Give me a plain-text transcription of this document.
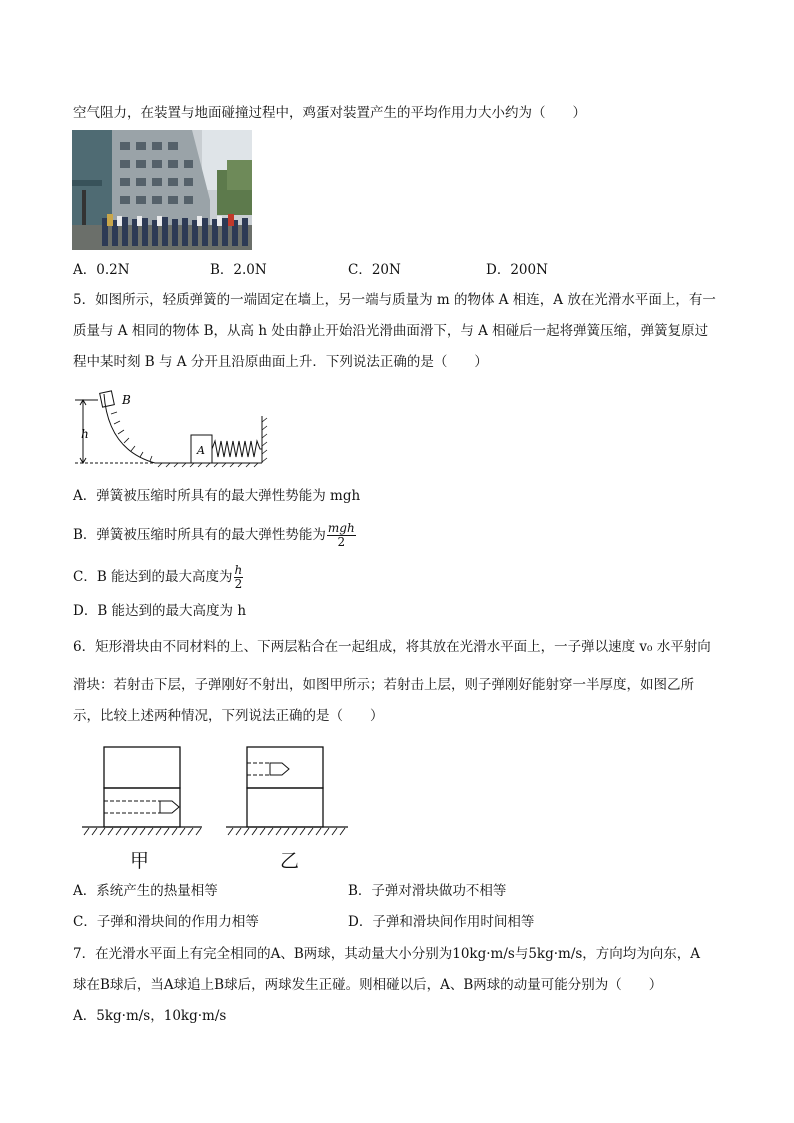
空气阻力，在装置与地面碰撞过程中，鸡蛋对装置产生的平均作用力大小约为（　　）
A．0.2N	B．2.0N	C．20N	D．200N
5．如图所示，轻质弹簧的一端固定在墙上，另一端与质量为 m 的物体 A 相连，A 放在光滑水平面上，有一
质量与 A 相同的物体 B，从高 h 处由静止开始沿光滑曲面滑下，与 A 相碰后一起将弹簧压缩，弹簧复原过
程中某时刻 B 与 A 分开且沿原曲面上升．下列说法正确的是（　　）
B
h
A
A．弹簧被压缩时所具有的最大弹性势能为 mgh
B．弹簧被压缩时所具有的最大弹性势能为 $\frac{\text{mgh}}{2}$
C．B 能达到的最大高度为 $\frac{h}{2}$
D．B 能达到的最大高度为 h
6．矩形滑块由不同材料的上、下两层粘合在一起组成，将其放在光滑水平面上，一子弹以速度 v₀ 水平射向
滑块：若射击下层，子弹刚好不射出，如图甲所示；若射击上层，则子弹刚好能射穿一半厚度，如图乙所
示，比较上述两种情况，下列说法正确的是（　　）
甲	乙
A．系统产生的热量相等	B．子弹对滑块做功不相等
C．子弹和滑块间的作用力相等	D．子弹和滑块间作用时间相等
7．在光滑水平面上有完全相同的A、B两球，其动量大小分别为10kg·m/s与5kg·m/s，方向均为向东，A
球在B球后，当A球追上B球后，两球发生正碰。则相碰以后，A、B两球的动量可能分别为（　　）
A．5kg·m/s，10kg·m/s
